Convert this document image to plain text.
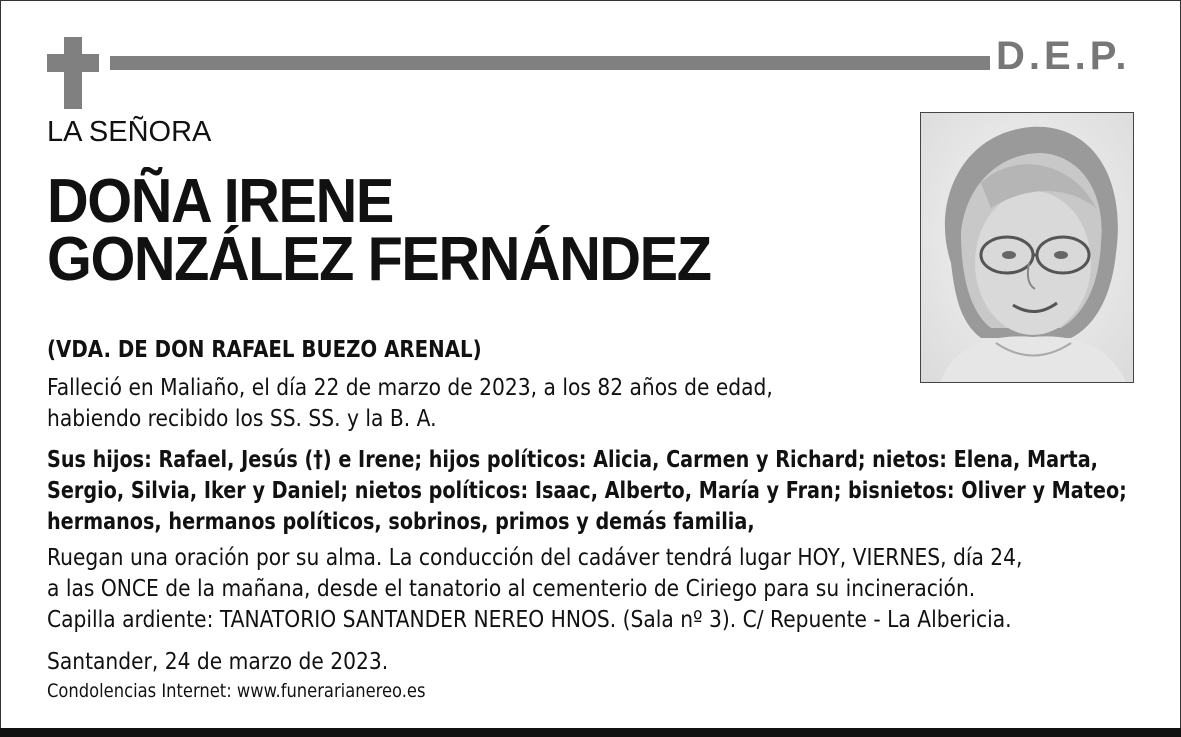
D.E.P.
LA SEÑORA
DOÑA IRENE
GONZÁLEZ FERNÁNDEZ
(VDA. DE DON RAFAEL BUEZO ARENAL)
Falleció en Maliaño, el día 22 de marzo de 2023, a los 82 años de edad,
habiendo recibido los SS. SS. y la B. A.
Sus hijos: Rafael, Jesús (†) e Irene; hijos políticos: Alicia, Carmen y Richard; nietos: Elena, Marta,
Sergio, Silvia, Iker y Daniel; nietos políticos: Isaac, Alberto, María y Fran; bisnietos: Oliver y Mateo;
hermanos, hermanos políticos, sobrinos, primos y demás familia,
Ruegan una oración por su alma. La conducción del cadáver tendrá lugar HOY, VIERNES, día 24,
a las ONCE de la mañana, desde el tanatorio al cementerio de Ciriego para su incineración.
Capilla ardiente: TANATORIO SANTANDER NEREO HNOS. (Sala nº 3). C/ Repuente - La Albericia.
Santander, 24 de marzo de 2023.
Condolencias Internet: www.funerarianereo.es
